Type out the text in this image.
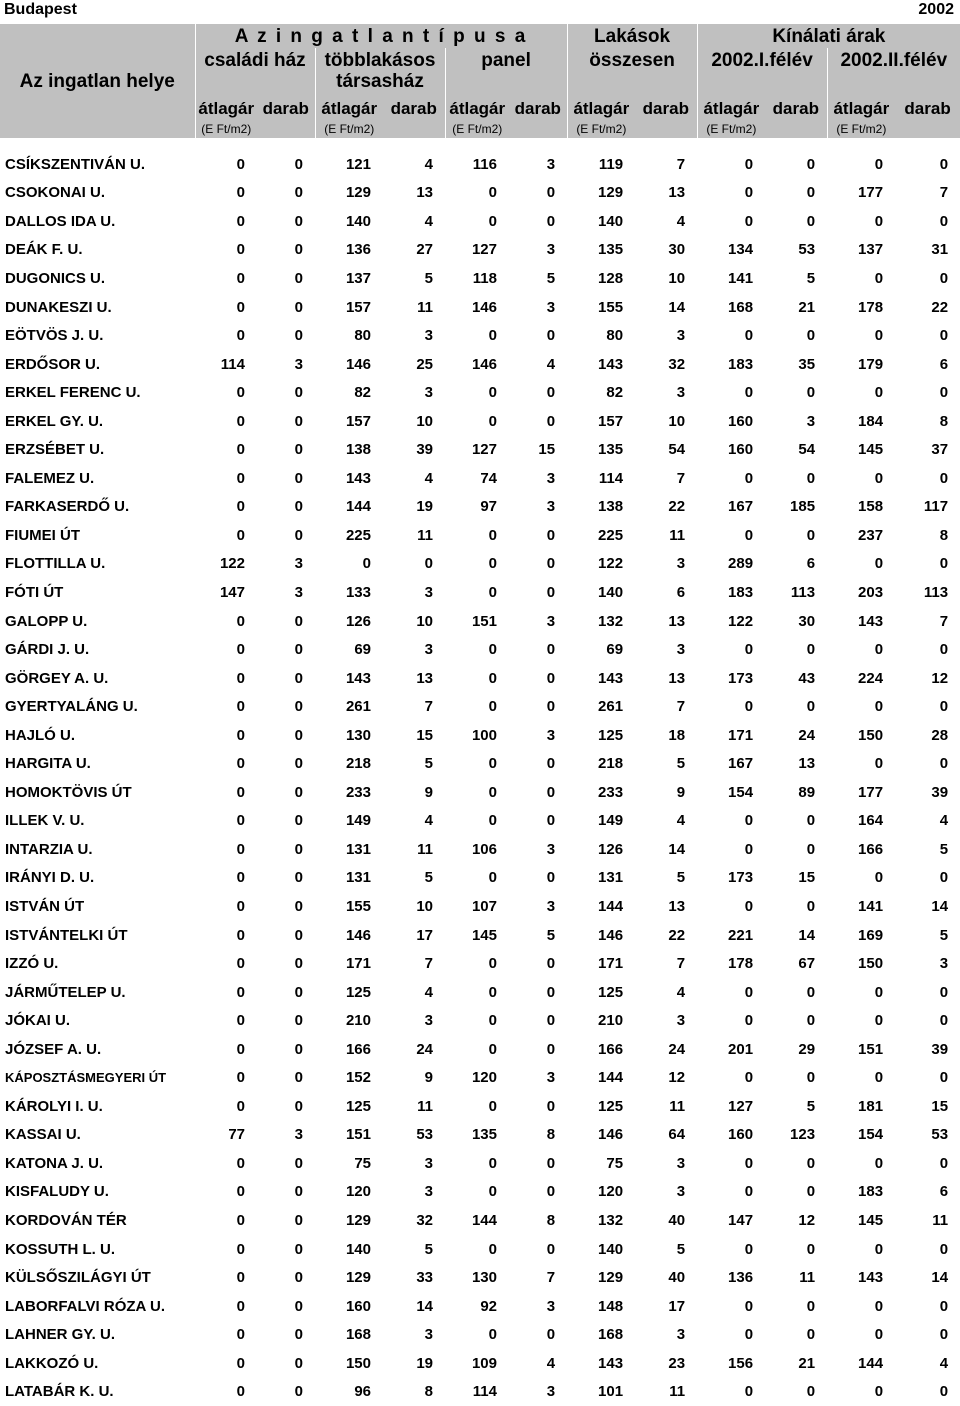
Budapest	2002
Az ingatlan helye	A z i n g a t l a n t í p u s a						Lakások		Kínálati árak			
	családi ház		többlakásos		panel		összesen		2002.I.félév		2002.II.félév	
			társasház									
	átlagár	darab	átlagár	darab	átlagár	darab	átlagár	darab	átlagár	darab	átlagár	darab
	(E Ft/m2)		(E Ft/m2)		(E Ft/m2)		(E Ft/m2)		(E Ft/m2)		(E Ft/m2)	

CSÍKSZENTIVÁN U.	0	0	121	4	116	3	119	7	0	0	0	0
CSOKONAI U.	0	0	129	13	0	0	129	13	0	0	177	7
DALLOS IDA U.	0	0	140	4	0	0	140	4	0	0	0	0
DEÁK F. U.	0	0	136	27	127	3	135	30	134	53	137	31
DUGONICS U.	0	0	137	5	118	5	128	10	141	5	0	0
DUNAKESZI U.	0	0	157	11	146	3	155	14	168	21	178	22
EÖTVÖS J. U.	0	0	80	3	0	0	80	3	0	0	0	0
ERDŐSOR U.	114	3	146	25	146	4	143	32	183	35	179	6
ERKEL FERENC U.	0	0	82	3	0	0	82	3	0	0	0	0
ERKEL GY. U.	0	0	157	10	0	0	157	10	160	3	184	8
ERZSÉBET U.	0	0	138	39	127	15	135	54	160	54	145	37
FALEMEZ U.	0	0	143	4	74	3	114	7	0	0	0	0
FARKASERDŐ U.	0	0	144	19	97	3	138	22	167	185	158	117
FIUMEI ÚT	0	0	225	11	0	0	225	11	0	0	237	8
FLOTTILLA U.	122	3	0	0	0	0	122	3	289	6	0	0
FÓTI ÚT	147	3	133	3	0	0	140	6	183	113	203	113
GALOPP U.	0	0	126	10	151	3	132	13	122	30	143	7
GÁRDI J. U.	0	0	69	3	0	0	69	3	0	0	0	0
GÖRGEY A. U.	0	0	143	13	0	0	143	13	173	43	224	12
GYERTYALÁNG U.	0	0	261	7	0	0	261	7	0	0	0	0
HAJLÓ U.	0	0	130	15	100	3	125	18	171	24	150	28
HARGITA U.	0	0	218	5	0	0	218	5	167	13	0	0
HOMOKTÖVIS ÚT	0	0	233	9	0	0	233	9	154	89	177	39
ILLEK V. U.	0	0	149	4	0	0	149	4	0	0	164	4
INTARZIA U.	0	0	131	11	106	3	126	14	0	0	166	5
IRÁNYI D. U.	0	0	131	5	0	0	131	5	173	15	0	0
ISTVÁN ÚT	0	0	155	10	107	3	144	13	0	0	141	14
ISTVÁNTELKI ÚT	0	0	146	17	145	5	146	22	221	14	169	5
IZZÓ U.	0	0	171	7	0	0	171	7	178	67	150	3
JÁRMŰTELEP U.	0	0	125	4	0	0	125	4	0	0	0	0
JÓKAI U.	0	0	210	3	0	0	210	3	0	0	0	0
JÓZSEF A. U.	0	0	166	24	0	0	166	24	201	29	151	39
KÁPOSZTÁSMEGYERI ÚT	0	0	152	9	120	3	144	12	0	0	0	0
KÁROLYI I. U.	0	0	125	11	0	0	125	11	127	5	181	15
KASSAI U.	77	3	151	53	135	8	146	64	160	123	154	53
KATONA J. U.	0	0	75	3	0	0	75	3	0	0	0	0
KISFALUDY U.	0	0	120	3	0	0	120	3	0	0	183	6
KORDOVÁN TÉR	0	0	129	32	144	8	132	40	147	12	145	11
KOSSUTH L. U.	0	0	140	5	0	0	140	5	0	0	0	0
KÜLSŐSZILÁGYI ÚT	0	0	129	33	130	7	129	40	136	11	143	14
LABORFALVI RÓZA U.	0	0	160	14	92	3	148	17	0	0	0	0
LAHNER GY. U.	0	0	168	3	0	0	168	3	0	0	0	0
LAKKOZÓ U.	0	0	150	19	109	4	143	23	156	21	144	4
LATABÁR K. U.	0	0	96	8	114	3	101	11	0	0	0	0
